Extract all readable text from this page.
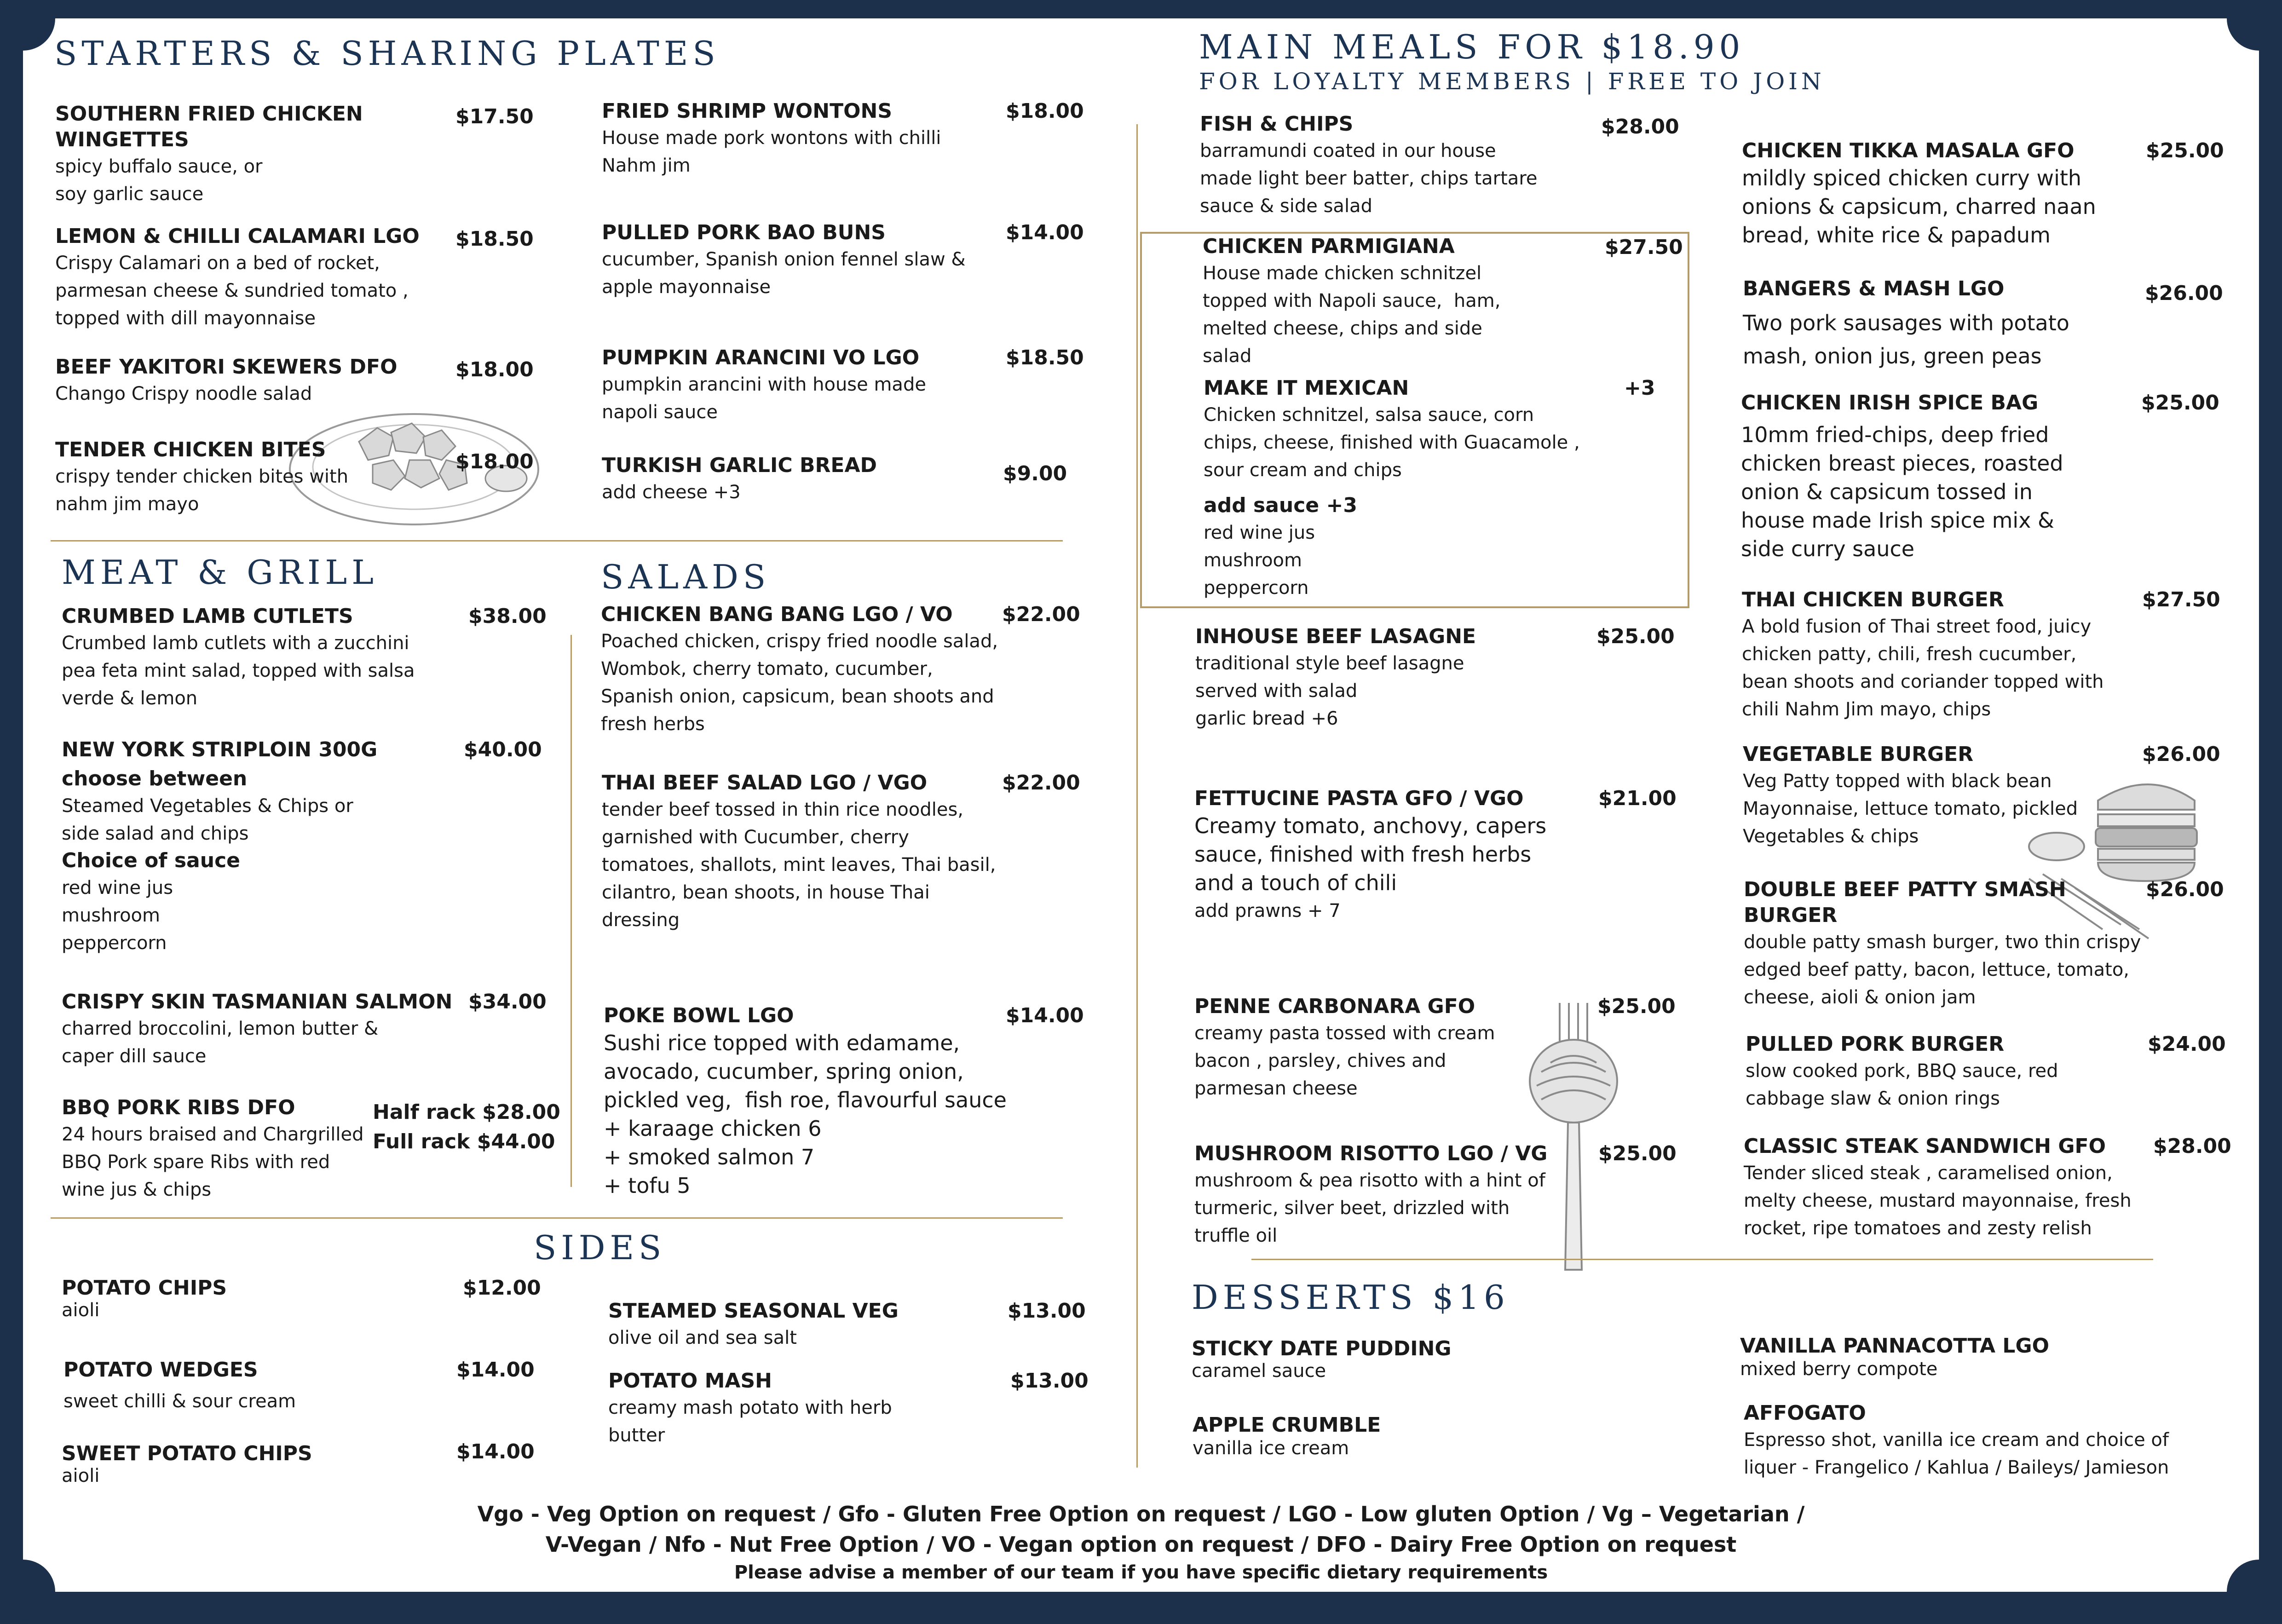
STARTERS & SHARING PLATES
SOUTHERN FRIED CHICKEN WINGETTES
spicy buffalo sauce, or
soy garlic sauce
$17.50
LEMON & CHILLI CALAMARI LGO
Crispy Calamari on a bed of rocket,
parmesan cheese & sundried tomato ,
topped with dill mayonnaise
$18.50
BEEF YAKITORI SKEWERS DFO
Chango Crispy noodle salad
$18.00
TENDER CHICKEN BITES
crispy tender chicken bites with
nahm jim mayo
$18.00
FRIED SHRIMP WONTONS
House made pork wontons with chilli
Nahm jim
$18.00
PULLED PORK BAO BUNS
cucumber, Spanish onion fennel slaw &
apple mayonnaise
$14.00
PUMPKIN ARANCINI VO LGO
pumpkin arancini with house made
napoli sauce
$18.50
TURKISH GARLIC BREAD
add cheese +3
$9.00
MEAT & GRILL
CRUMBED LAMB CUTLETS
Crumbed lamb cutlets with a zucchini
pea feta mint salad, topped with salsa
verde & lemon
$38.00
NEW YORK STRIPLOIN 300G
choose between
Steamed Vegetables & Chips or
side salad and chips
Choice of sauce
red wine jus
mushroom
peppercorn
$40.00
CRISPY SKIN TASMANIAN SALMON
charred broccolini, lemon butter &
caper dill sauce
$34.00
BBQ PORK RIBS DFO
24 hours braised and Chargrilled
BBQ Pork spare Ribs with red
wine jus & chips
Half rack $28.00
Full rack $44.00
SALADS
CHICKEN BANG BANG LGO / VO
Poached chicken, crispy fried noodle salad,
Wombok, cherry tomato, cucumber,
Spanish onion, capsicum, bean shoots and
fresh herbs
$22.00
THAI BEEF SALAD LGO / VGO
tender beef tossed in thin rice noodles,
garnished with Cucumber, cherry
tomatoes, shallots, mint leaves, Thai basil,
cilantro, bean shoots, in house Thai
dressing
$22.00
POKE BOWL LGO
Sushi rice topped with edamame,
avocado, cucumber, spring onion,
pickled veg,  fish roe, flavourful sauce
+ karaage chicken 6
+ smoked salmon 7
+ tofu 5
$14.00
SIDES
POTATO CHIPS
aioli
$12.00
POTATO WEDGES
sweet chilli & sour cream
$14.00
SWEET POTATO CHIPS
aioli
$14.00
STEAMED SEASONAL VEG
olive oil and sea salt
$13.00
POTATO MASH
creamy mash potato with herb
butter
$13.00
MAIN MEALS FOR $18.90
FOR LOYALTY MEMBERS | FREE TO JOIN
FISH & CHIPS
barramundi coated in our house
made light beer batter, chips tartare
sauce & side salad
$28.00
CHICKEN PARMIGIANA
House made chicken schnitzel
topped with Napoli sauce,  ham,
melted cheese, chips and side
salad
$27.50
MAKE IT MEXICAN
Chicken schnitzel, salsa sauce, corn
chips, cheese, finished with Guacamole ,
sour cream and chips
+3
add sauce +3
red wine jus
mushroom
peppercorn
INHOUSE BEEF LASAGNE
traditional style beef lasagne
served with salad
garlic bread +6
$25.00
FETTUCINE PASTA GFO / VGO
Creamy tomato, anchovy, capers
sauce, finished with fresh herbs
and a touch of chili
add prawns + 7
$21.00
PENNE CARBONARA GFO
creamy pasta tossed with cream
bacon , parsley, chives and
parmesan cheese
$25.00
MUSHROOM RISOTTO LGO / VG
mushroom & pea risotto with a hint of
turmeric, silver beet, drizzled with
truffle oil
$25.00
CHICKEN TIKKA MASALA GFO
mildly spiced chicken curry with
onions & capsicum, charred naan
bread, white rice & papadum
$25.00
BANGERS & MASH LGO
Two pork sausages with potato
mash, onion jus, green peas
$26.00
CHICKEN IRISH SPICE BAG
10mm fried-chips, deep fried
chicken breast pieces, roasted
onion & capsicum tossed in
house made Irish spice mix &
side curry sauce
$25.00
THAI CHICKEN BURGER
A bold fusion of Thai street food, juicy
chicken patty, chili, fresh cucumber,
bean shoots and coriander topped with
chili Nahm Jim mayo, chips
$27.50
VEGETABLE BURGER
Veg Patty topped with black bean
Mayonnaise, lettuce tomato, pickled
Vegetables & chips
$26.00
DOUBLE BEEF PATTY SMASH
BURGER
double patty smash burger, two thin crispy
edged beef patty, bacon, lettuce, tomato,
cheese, aioli & onion jam
$26.00
PULLED PORK BURGER
slow cooked pork, BBQ sauce, red
cabbage slaw & onion rings
$24.00
CLASSIC STEAK SANDWICH GFO
Tender sliced steak , caramelised onion,
melty cheese, mustard mayonnaise, fresh
rocket, ripe tomatoes and zesty relish
$28.00
DESSERTS $16
STICKY DATE PUDDING
caramel sauce
APPLE CRUMBLE
vanilla ice cream
VANILLA PANNACOTTA LGO
mixed berry compote
AFFOGATO
Espresso shot, vanilla ice cream and choice of
liquer - Frangelico / Kahlua / Baileys/ Jamieson
Vgo - Veg Option on request / Gfo - Gluten Free Option on request / LGO - Low gluten Option / Vg – Vegetarian /
V-Vegan / Nfo - Nut Free Option / VO - Vegan option on request / DFO - Dairy Free Option on request
Please advise a member of our team if you have specific dietary requirements
